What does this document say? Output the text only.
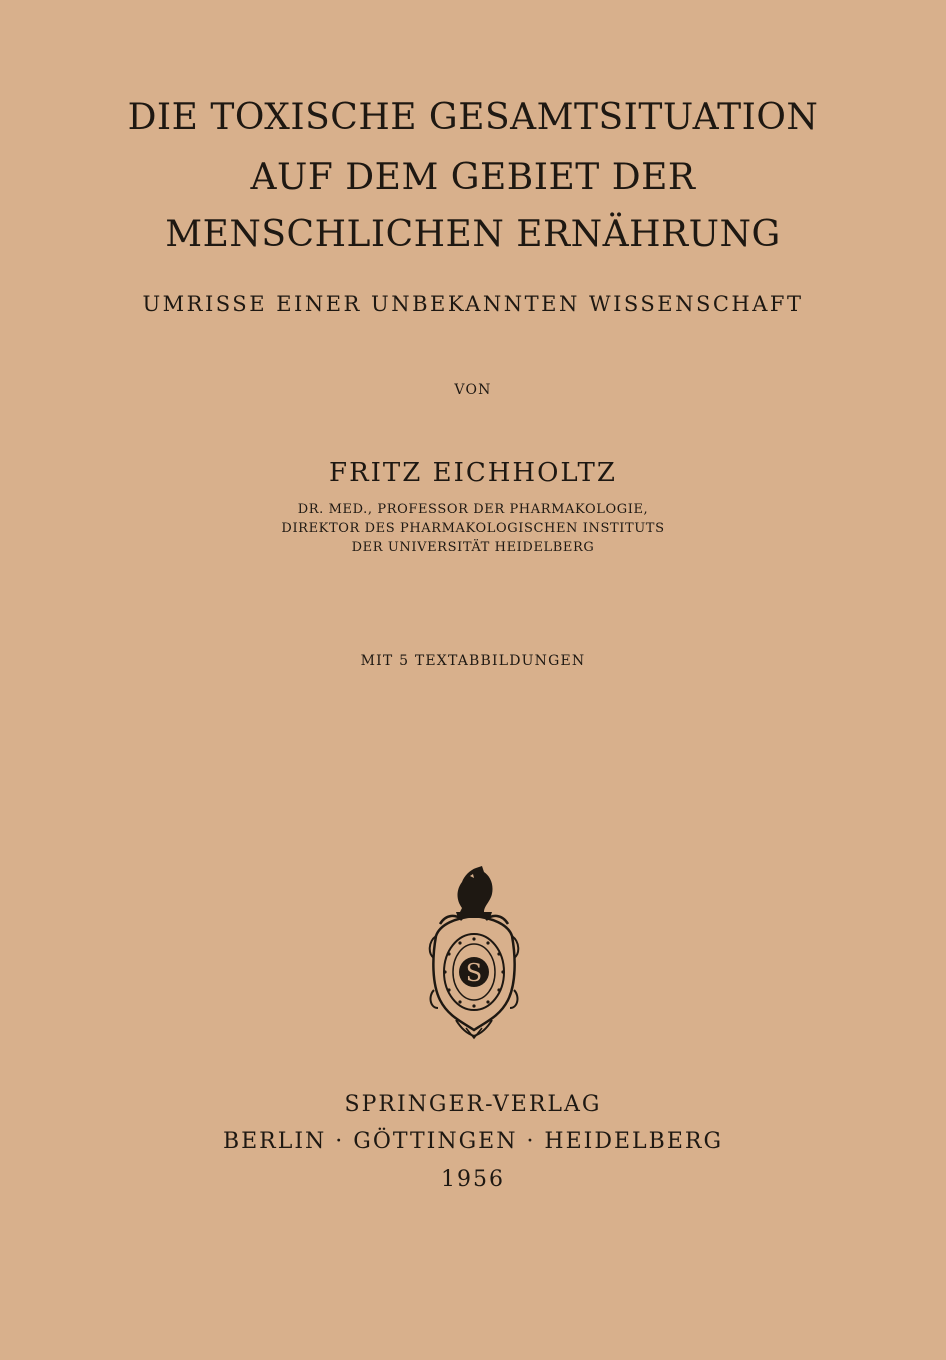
DIE TOXISCHE GESAMTSITUATION
AUF DEM GEBIET DER
MENSCHLICHEN ERNÄHRUNG
UMRISSE EINER UNBEKANNTEN WISSENSCHAFT
VON
FRITZ EICHHOLTZ
DR. MED., PROFESSOR DER PHARMAKOLOGIE,
DIREKTOR DES PHARMAKOLOGISCHEN INSTITUTS
DER UNIVERSITÄT HEIDELBERG
MIT 5 TEXTABBILDUNGEN
S
SPRINGER-VERLAG
BERLIN · GÖTTINGEN · HEIDELBERG
1956
